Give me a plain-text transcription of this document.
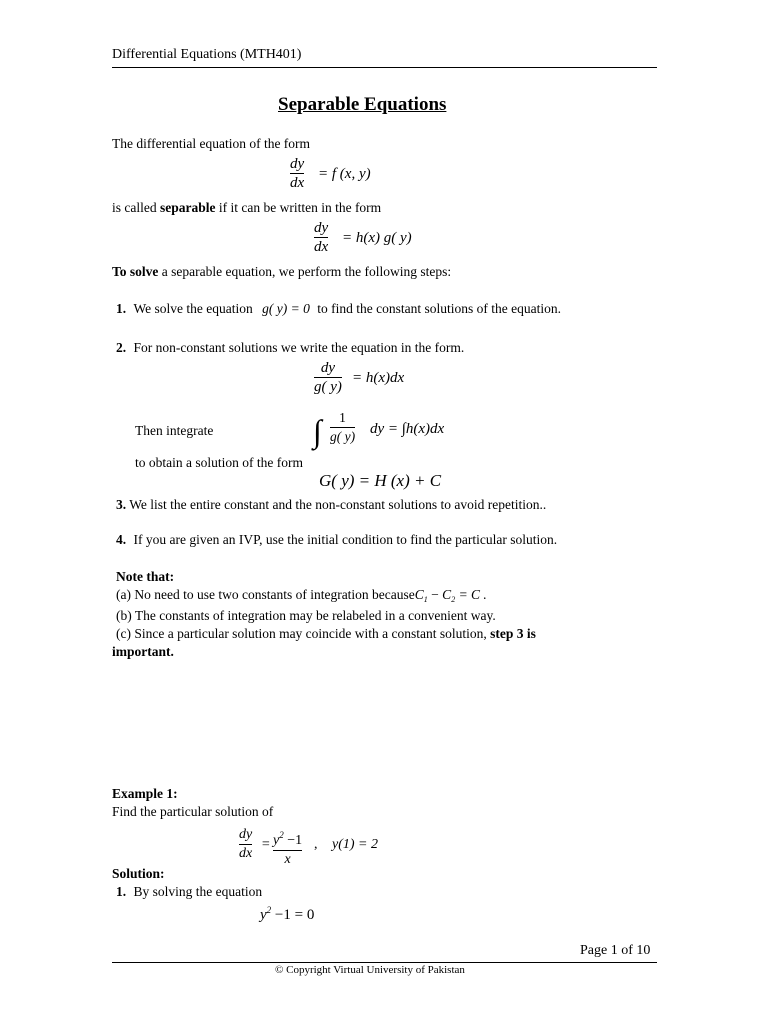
Differential Equations (MTH401)
Separable Equations
The differential equation of the form
dy
dx
= f (x, y)
is called separable if it can be written in the form
dy
dx
= h(x) g( y)
To solve a separable equation, we perform the following steps:
1. We solve the equation g( y) = 0 to find the constant solutions of the equation.
2. For non-constant solutions we write the equation in the form.
dy
g( y)
= h(x)dx
Then integrate	∫ 1
g( y) dy = ∫h(x)dx
to obtain a solution of the form
G( y) = H (x) + C
3. We list the entire constant and the non-constant solutions to avoid repetition..
4. If you are given an IVP, use the initial condition to find the particular solution.
Note that:
(a) No need to use two constants of integration becauseC$_1$ − $C_2 = C$ .
(b) The constants of integration may be relabeled in a convenient way.
(c) Since a particular solution may coincide with a constant solution, step 3 is
important.
Example 1:
Find the particular solution of
dy
dx
= $y^2 -1$
x
, y(1) = 2
Solution:
1. By solving the equation
$y^2 -1 = 0$
Page 1 of 10
© Copyright Virtual University of Pakistan
